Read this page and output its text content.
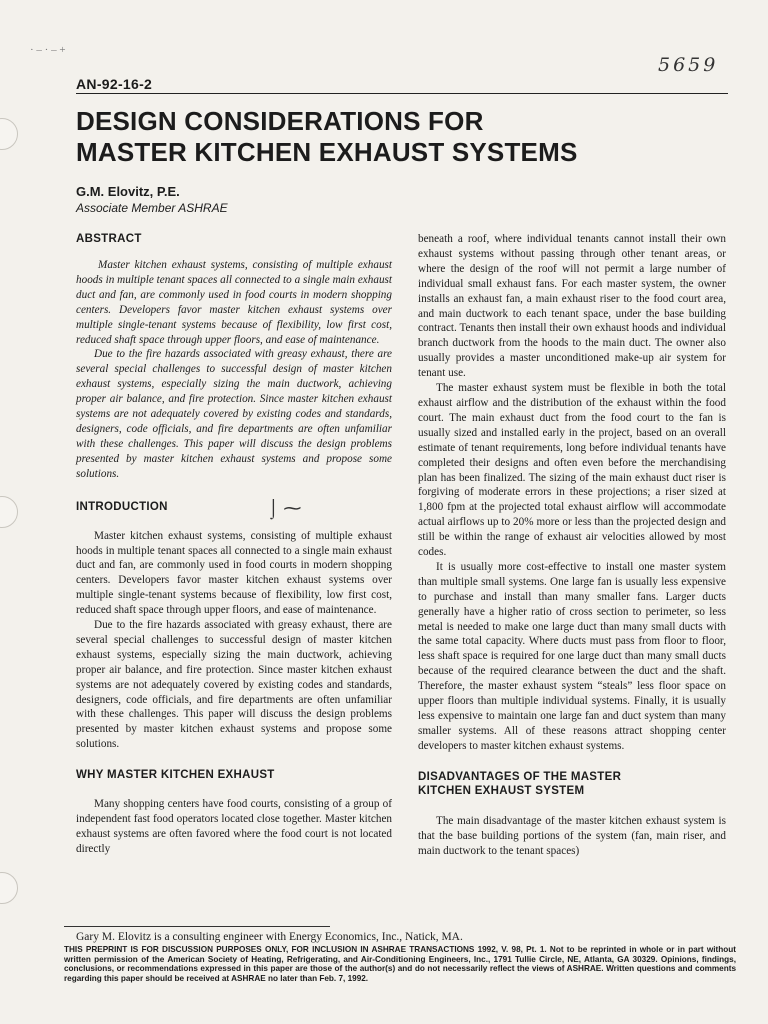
· – · – +
5659
AN-92-16-2
DESIGN CONSIDERATIONS FOR
MASTER KITCHEN EXHAUST SYSTEMS
G.M. Elovitz, P.E.
Associate Member ASHRAE
ABSTRACT

Master kitchen exhaust systems, consisting of multiple exhaust hoods in multiple tenant spaces all connected to a single main exhaust duct and fan, are commonly used in food courts in modern shopping centers. Developers favor master kitchen exhaust systems over multiple single-tenant systems because of flexibility, low first cost, reduced shaft space through upper floors, and ease of maintenance.

Due to the fire hazards associated with greasy exhaust, there are several special challenges to successful design of master kitchen exhaust systems, especially sizing the main ductwork, achieving proper air balance, and fire protection. Since master kitchen exhaust systems are not adequately covered by existing codes and standards, designers, code officials, and fire departments are often unfamiliar with these challenges. This paper will discuss the design problems presented by master kitchen exhaust systems and propose some solutions.

INTRODUCTION

Master kitchen exhaust systems, consisting of multiple exhaust hoods in multiple tenant spaces all connected to a single main exhaust duct and fan, are commonly used in food courts in modern shopping centers. Developers favor master kitchen exhaust systems over multiple single-tenant systems because of flexibility, low first cost, reduced shaft space through upper floors, and ease of maintenance.

Due to the fire hazards associated with greasy exhaust, there are several special challenges to successful design of master kitchen exhaust systems, especially sizing the main ductwork, achieving proper air balance, and fire protection. Since master kitchen exhaust systems are not adequately covered by existing codes and standards, designers, code officials, and fire departments are often unfamiliar with these challenges. This paper will discuss the design problems presented by master kitchen exhaust systems and propose some solutions.

WHY MASTER KITCHEN EXHAUST

Many shopping centers have food courts, consisting of a group of independent fast food operators located close together. Master kitchen exhaust systems are often favored where the food court is not located directly

beneath a roof, where individual tenants cannot install their own exhaust systems without passing through other tenant areas, or where the design of the roof will not permit a large number of individual small exhaust fans. For each master system, the owner installs an exhaust fan, a main exhaust riser to the food court area, and main ductwork to each tenant space, under the base building contract. Tenants then install their own exhaust hoods and individual branch ductwork from the hoods to the main duct. The owner also usually provides a master unconditioned make-up air system for tenant use.

The master exhaust system must be flexible in both the total exhaust airflow and the distribution of the exhaust within the food court. The main exhaust duct from the food court to the fan is usually sized and installed early in the project, based on an overall estimate of tenant requirements, long before individual tenants have completed their designs and often even before the merchandising plan has been finalized. The sizing of the main exhaust duct riser is forgiving of moderate errors in these projections; a riser sized at 1,800 fpm at the projected total exhaust airflow will accommodate actual airflows up to 20% more or less than the projected design and still be within the range of exhaust air velocities allowed by most codes.

It is usually more cost-effective to install one master system than multiple small systems. One large fan is usually less expensive to purchase and install than many smaller fans. Larger ducts generally have a higher ratio of cross section to perimeter, so less metal is needed to make one large duct than many small ducts with the same total capacity. Where ducts must pass from floor to floor, less shaft space is required for one large duct than many small ducts because of the required clearance between the duct and the shaft. Therefore, the master exhaust system “steals” less floor space on upper floors than multiple individual systems. Finally, it is usually less expensive to maintain one large fan and duct system than many smaller systems. All of these reasons attract shopping center developers to master kitchen exhaust systems.

DISADVANTAGES OF THE MASTER
KITCHEN EXHAUST SYSTEM

The main disadvantage of the master kitchen exhaust system is that the base building portions of the system (fan, main riser, and main ductwork to the tenant spaces)

⌡ ⁓
Gary M. Elovitz is a consulting engineer with Energy Economics, Inc., Natick, MA.
THIS PREPRINT IS FOR DISCUSSION PURPOSES ONLY, FOR INCLUSION IN ASHRAE TRANSACTIONS 1992, V. 98, Pt. 1. Not to be reprinted in whole or in part without written permission of the American Society of Heating, Refrigerating, and Air-Conditioning Engineers, Inc., 1791 Tullie Circle, NE, Atlanta, GA 30329. Opinions, findings, conclusions, or recommendations expressed in this paper are those of the author(s) and do not necessarily reflect the views of ASHRAE. Written questions and comments regarding this paper should be received at ASHRAE no later than Feb. 7, 1992.
